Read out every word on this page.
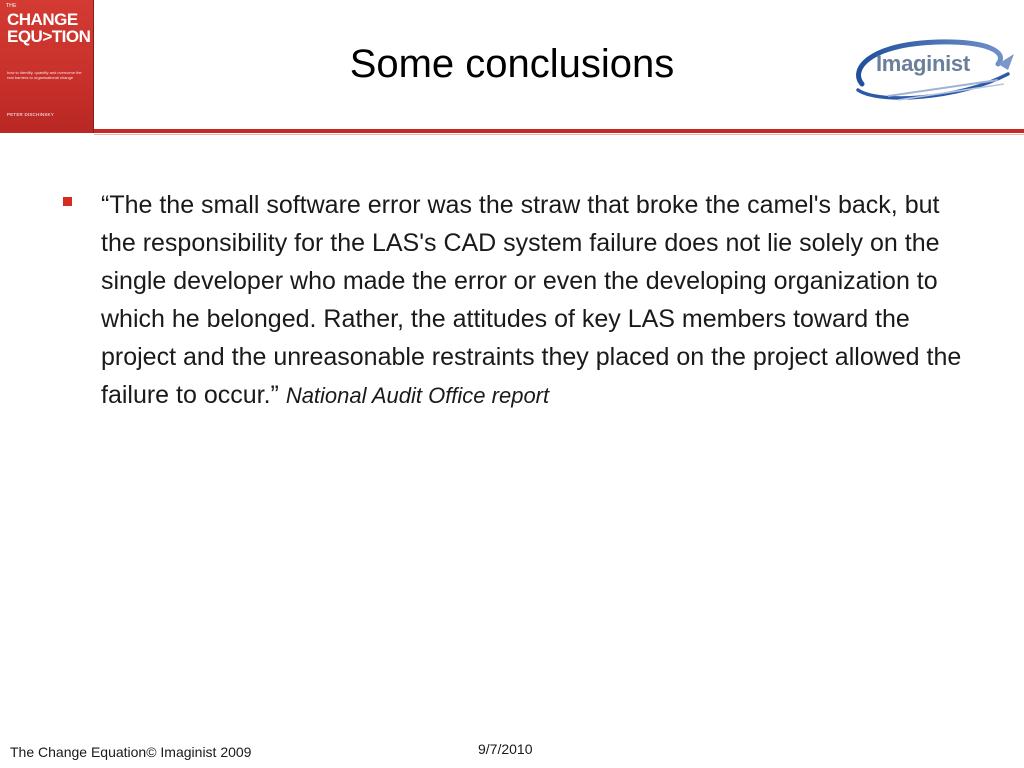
THE
CHANGE
EQU>TION
how to identify, quantify and overcome the real barriers to organisational change
PETER DISCHINSKY
Some conclusions	Imaginist
“The the small software error was the straw that broke the camel's back, but the responsibility for the LAS's CAD system failure does not lie solely on the single developer who made the error or even the developing organization to which he belonged. Rather, the attitudes of key LAS members toward the project and the unreasonable restraints they placed on the project allowed the failure to occur.” National Audit Office report
The Change Equation© Imaginist 2009	9/7/2010
